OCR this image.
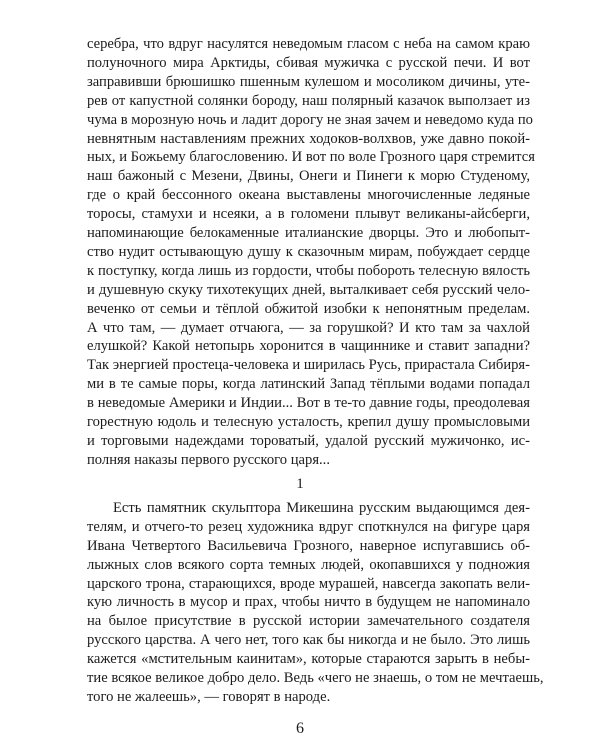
серебра, что вдруг насулятся неведомым гласом с неба на самом краю
полуночного мира Арктиды, сбивая мужичка с русской печи. И вот
заправивши брюшишко пшенным кулешом и мосоликом дичины, утe-
рев от капустной солянки бороду, наш полярный казачок выползает из
чума в морозную ночь и ладит дорогу не зная зачем и неведомо куда по
невнятным наставлениям прежних ходоков-волхвов, уже давно покой-
ных, и Божьему благословению. И вот по воле Грозного царя стремится
наш бажоный с Мезени, Двины, Онеги и Пинеги к морю Студеному,
где о край бессонного океана выставлены многочисленные ледяные
торосы, стамухи и нсеяки, а в голомени плывут великаны-айсберги,
напоминающие белокаменные италианские дворцы. Это и любопыт-
ство нудит остывающую душу к сказочным мирам, побуждает сердце
к поступку, когда лишь из гордости, чтобы побороть телесную вялость
и душевную скуку тихотекущих дней, выталкивает себя русский чело-
веченко от семьи и тёплой обжитой изобки к непонятным пределам.
А что там, — думает отчаюга, — за горушкой? И кто там за чахлой
елушкой? Какой нетопырь хоронится в чащиннике и ставит западни?
Так энергией простеца-человека и ширилась Русь, прирастала Сибиря-
ми в те самые поры, когда латинский Запад тёплыми водами попадал
в неведомые Америки и Индии... Вот в те-то давние годы, преодолевая
горестную юдоль и телесную усталость, крепил душу промысловыми
и торговыми надеждами тороватый, удалой русский мужичонко, ис-
полняя наказы первого русского царя...
1
Есть памятник скульптора Микешина русским выдающимся дея-
телям, и отчего-то резец художника вдруг споткнулся на фигуре царя
Ивана Четвертого Васильевича Грозного, наверное испугавшись об-
лыжных слов всякого сорта темных людей, окопавшихся у подножия
царского трона, старающихся, вроде мурашей, навсегда закопать вели-
кую личность в мусор и прах, чтобы ничто в будущем не напоминало
на былое присутствие в русской истории замечательного создателя
русского царства. А чего нет, того как бы никогда и не было. Это лишь
кажется «мстительным каинитам», которые стараются зарыть в небы-
тие всякое великое добро дело. Ведь «чего не знаешь, о том не мечтаешь,
того не жалеешь», — говорят в народе.
6
